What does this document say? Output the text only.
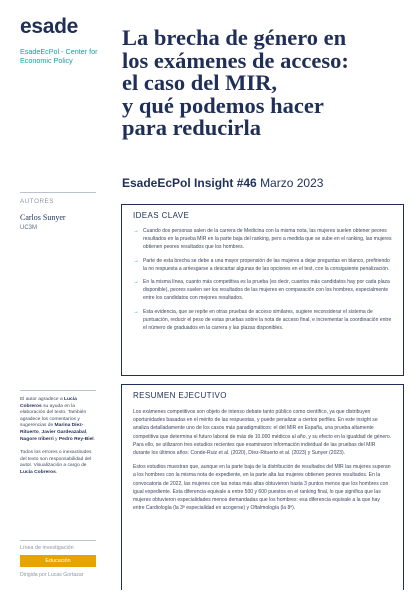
esade
EsadeEcPol - Center for Economic Policy
La brecha de género en
los exámenes de acceso:
el caso del MIR,
y qué podemos hacer
para reducirla
EsadeEcPol Insight #46 Marzo 2023
AUTORES
Carlos Sunyer
UC3M

El autor agradece a Lucía Cobreros su ayuda en la elaboración del texto. También agradece los comentarios y sugerencias de Marina Díez-Rituerto, Javier Gardeazabal, Nagore Iriberri y Pedro Rey-Biel.

Todos los errores o inexactitudes del texto son responsabilidad del autor. Visualización a cargo de Lucía Cobreros.

Línea de investigación
Educación
Dirigida por Lucas Gortazar
IDEAS CLAVE
→ Cuando dos personas salen de la carrera de Medicina con la misma nota, las mujeres suelen obtener peores resultados en la prueba MIR en la parte baja del ranking, pero a medida que se sube en el ranking, las mujeres obtienen peores resultados que los hombres.
→ Parte de esta brecha se debe a una mayor propensión de las mujeres a dejar preguntas en blanco, prefiriendo la no respuesta a arriesgarse a descartar algunas de las opciones en el test, con la consiguiente penalización.
→ En la misma línea, cuanto más competitiva es la prueba (es decir, cuantos más candidatos hay por cada plaza disponible), peores suelen ser los resultados de las mujeres en comparación con los hombres, especialmente entre los candidatos con mejores resultados.
→ Esta evidencia, que se repite en otras pruebas de acceso similares, sugiere reconsiderar el sistema de puntuación, reducir el peso de estas pruebas sobre la nota de acceso final, e incrementar la coordinación entre el número de graduados en la carrera y las plazas disponibles.
RESUMEN EJECUTIVO

Los exámenes competitivos son objeto de intenso debate tanto público como científico, ya que distribuyen oportunidades basadas en el mérito de las respuestas, y puede penalizar a ciertos perfiles. En este insight se analiza detalladamente uno de los casos más paradigmáticos: el del MIR en España, una prueba altamente competitiva que determina el futuro laboral de más de 10.000 médicos al año, y su efecto en la igualdad de género. Para ello, se utilizaron tres estudios recientes que examinaron información individual de las pruebas del MIR durante los últimos años: Conde-Ruiz et al. (2020), Díez-Rituerto et al. (2023) y Sunyer (2023).

Estos estudios muestran que, aunque en la parte baja de la distribución de resultados del MIR las mujeres superan a los hombres con la misma nota de expediente, en la parte alta las mujeres obtienen peores resultados. En la convocatoria de 2022, las mujeres con las notas más altas obtuvieron hasta 3 puntos menos que los hombres con igual expediente. Esta diferencia equivale a entre 500 y 600 puestos en el ranking final, lo que significa que las mujeres obtuvieron especialidades menos demandadas que los hombres: esa diferencia equivale a la que hay entre Cardiología (la 3ª especialidad en acogerse) y Oftalmología (la 8ª).
